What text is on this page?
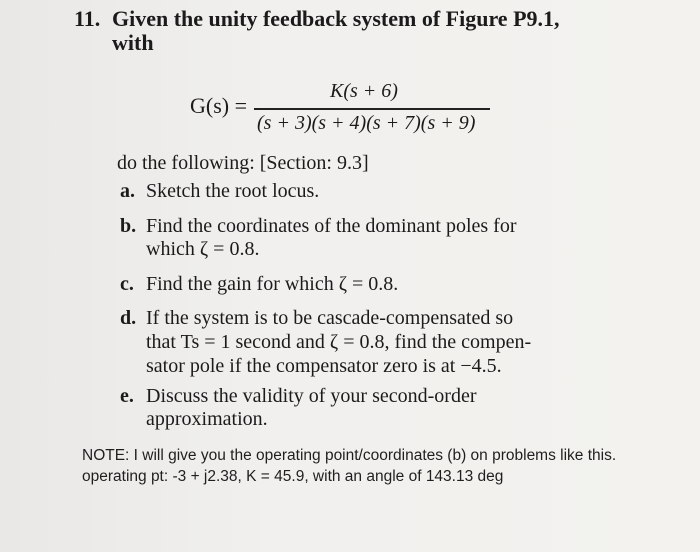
11. Given the unity feedback system of Figure P9.1,
with
G(s) =
K(s + 6)
(s + 3)(s + 4)(s + 7)(s + 9)
do the following: [Section: 9.3]
a. Sketch the root locus.
b. Find the coordinates of the dominant poles for
which ζ = 0.8.
c. Find the gain for which ζ = 0.8.
d. If the system is to be cascade-compensated so
that Ts = 1 second and ζ = 0.8, find the compen-
sator pole if the compensator zero is at −4.5.
e. Discuss the validity of your second-order
approximation.
NOTE: I will give you the operating point/coordinates (b) on problems like this.
operating pt: -3 + j2.38, K = 45.9, with an angle of 143.13 deg
